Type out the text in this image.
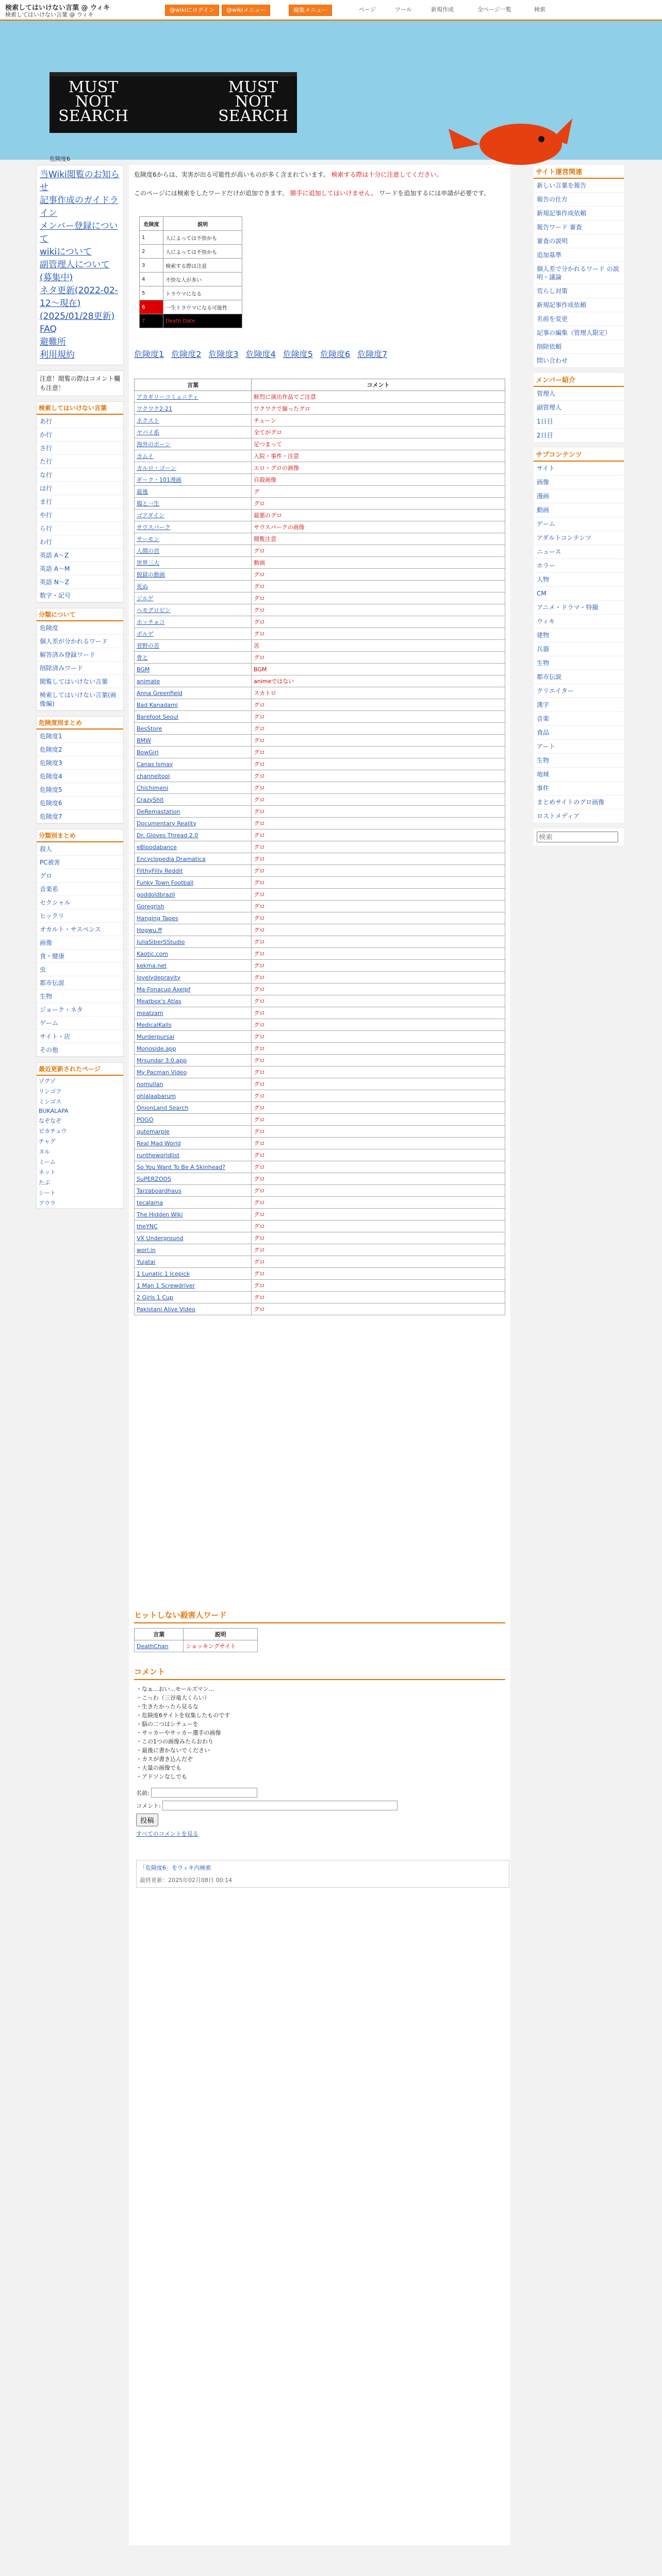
検索してはいけない言葉 @ ウィキ
検索してはいけない言葉 @ ウィキ
@wikiにログイン	@wikiメニュー	編集メニュー	ページ	ツール	新規作成	全ページ一覧	検索
MUST NOT SEARCH
MUST NOT SEARCH
危険度6
当Wiki閲覧のお知らせ
記事作成のガイドライン
メンバー登録について
wikiについて
副管理人について(募集中)
ネタ更新(2022-02-12～現在)(2025/01/28更新)
FAQ
避難所
利用規約
注意！閲覧の際はコメント欄も注意！
検索してはいけない言葉
あ行
か行
さ行
た行
な行
は行
ま行
や行
ら行
わ行
英語 A～Z
英語 A～M
英語 N～Z
数字・記号
分類について
危険度
個人差が分かれるワード
解答済み登録ワード
削除済みワード
閲覧してはいけない言葉
検索してはいけない言葉(画像編)
危険度別まとめ
危険度1
危険度2
危険度3
危険度4
危険度5
危険度6
危険度7
分類別まとめ
殺人
PC被害
グロ
音楽系
セクシャル
ヒックリ
オカルト・サスペンス
画像
食・健康
虫
都市伝説
生物
ジョーク・ネタ
ゲーム
サイト・店
その他
最近更新されたページ
ゾグゾ
リンゴフ
ミンゴス
BUKALAPA
なぞなぞ
ピカチュウ
チャグ
ヌル
ミーム
ネット
たぷ
シート
アウラ
危険度6からは、実害が出る可能性が高いものが多く含まれています。 検索する際は十分に注意してください。

このページには検索をしたワードだけが追加できます。 勝手に追加してはいけません。 ワードを追加するには申請が必要です。
危険度	説明
1	人によっては不快かも
2	人によっては不快かも
3	検索する際は注意
4	不快な人が多い
5	トラウマになる
6	一生トラウマになる可能性
7	Death Date
危険度1 危険度2 危険度3 危険度4 危険度5 危険度6 危険度7
言葉	コメント
アカギリーコミュニティ	鮮烈に演出作品でご注意
ワクワク2-21	ワクワクで揃ったグロ
ネクスト	チューン
ヤバイ系	全てがグロ
海外のボーン	足つまって
カムイ	入院・事件・注意
カルロ・ゴーン	エロ・グロの画像
ギーク・101漫画	自殺画像
最後	グ
腸と一生	グロ
ゴアダイン	最悪のグロ
サウスパーク	サウスパークの画像
サーモン	閲覧注意
人間の首	グロ
世界三大	動画
脱獄の動画	グロ
死ぬ	グロ
ジルゲ	グロ
ヘモグロビン	グロ
ホッチョコ	グロ
ボルゲ	グロ
菅野の苦	苦
骨と	グロ
BGM	BGM
animate	animeではない
Anna Greenfield	スカトロ
Bad Kanadami	グロ
Barefoot Seoul	グロ
BesStore	グロ
BMW	グロ
BowGirl	グロ
Canas Ismay	グロ
channeltool	グロ
Chichimeni	グロ
CrazyShit	グロ
DeRemastation	グロ
Documentary Reality	グロ
Dr. Gloves Thread 2.0	グロ
eBloodabance	グロ
Encyclopedia Dramatica	グロ
FilthyFilly Reddit	グロ
Funky Town Football	グロ
goddoldbrazil	グロ
Goregrish	グロ
Hanging Tapes	グロ
Hogwu.ff	グロ
JuliaSiberSStudio	グロ
Kaotic.com	グロ
kekma.net	グロ
lovelydepravity	グロ
Ma-Fonacuo Axelpf	グロ
Meatbox's Atlas	グロ
meatzam	グロ
MedicalKalls	グロ
Murderpursai	グロ
Monoside.app	グロ
Mrsundar 3.0.app	グロ
My Pacman Video	グロ
nomullan	グロ
ohlalaabarum	グロ
OnionLand Search	グロ
POGO	グロ
qutemarple	グロ
Real Mad World	グロ
runtheworldlist	グロ
So You Want To Be A Skinhead?	グロ
SuPERZOOS	グロ
Tarzaboardhaus	グロ
tecalama	グロ
The Hidden Wiki	グロ
theYNC	グロ
VX Underground	グロ
worl.in	グロ
Yujatai	グロ
1 Lunatic 1 Icepick	グロ
1 Man 1 Screwdriver	グロ
2 Girls 1 Cup	グロ
Pakistani Alive Video	グロ
ヒットしない殺害人ワード
言葉	説明
DeathChan	ショッキングサイト
コメント
・なぁ...おい...モールズマン...
・こっわ（三谷竜大くらい）
・生きたかったら見るな
・危険度6サイトを収集したものです
・脳の二つはシチューを
・サッカーやサッカー選手の画像
・この1つの画像みたらおわり
・最後に書かないでください
・カスが書き込んだぞ
・大量の画像でも
・アドソンなしでも
名前:
コメント:
投稿
すべてのコメントを見る
「危険度6」をウィキ内検索
最終更新：2025年02月08日 00:14
サイト運営関連
新しい言葉を報告
報告の仕方
新規記事作成依頼
報告ワード 審査
審査の説明
追加基準
個人差で分かれるワード の説明・議論
荒らし対策
新規記事作成依頼
名前を変更
記事の編集（管理人限定）
削除依頼
問い合わせ
メンバー紹介
管理人
副管理人
1日目
2日目
サブコンテンツ
サイト
画像
漫画
動画
ゲーム
アダルトコンテンツ
ニュース
ホラー
人物
CM
アニメ・ドラマ・特撮
ウィキ
建物
兵器
生物
都市伝説
クリエイター
漢字
音楽
食品
アート
生物
地域
事件
まとめサイトのグロ画像
ロストメディア
検索
